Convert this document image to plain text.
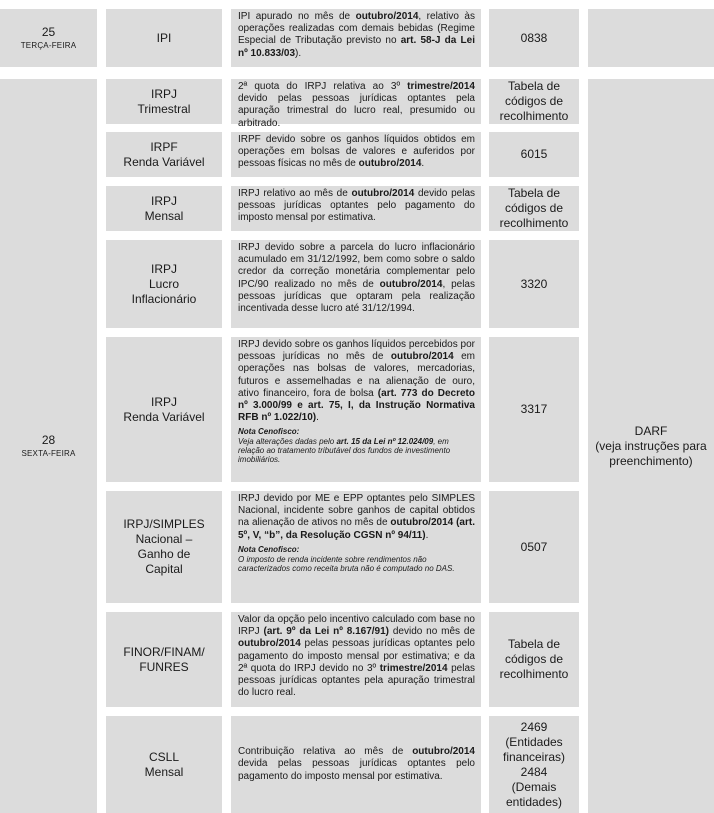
25
TERÇA-FEIRA
28
SEXTA-FEIRA
IPI
IPI apurado no mês de outubro/2014, relativo às operações realizadas com demais bebidas (Regime Especial de Tributação previsto no art. 58-J da Lei nº 10.833/03).
0838
IRPJ
Trimestral
2ª quota do IRPJ relativa ao 3º trimestre/2014 devido pelas pessoas jurídicas optantes pela apuração trimestral do lucro real, presumido ou arbitrado.
Tabela de
códigos de
recolhimento
IRPF
Renda Variável
IRPF devido sobre os ganhos líquidos obtidos em operações em bolsas de valores e auferidos por pessoas físicas no mês de outubro/2014.
6015
IRPJ
Mensal
IRPJ relativo ao mês de outubro/2014 devido pelas pessoas jurídicas optantes pelo pagamento do imposto mensal por estimativa.
Tabela de
códigos de
recolhimento
IRPJ
Lucro
Inflacionário
IRPJ devido sobre a parcela do lucro inflacionário acumulado em 31/12/1992, bem como sobre o saldo credor da correção monetária complementar pelo IPC/90 realizado no mês de outubro/2014, pelas pessoas jurídicas que optaram pela realização incentivada desse lucro até 31/12/1994.
3320
IRPJ
Renda Variável
IRPJ devido sobre os ganhos líquidos percebidos por pessoas jurídicas no mês de outubro/2014 em operações nas bolsas de valores, mercadorias, futuros e assemelhadas e na alienação de ouro, ativo financeiro, fora de bolsa (art. 773 do Decreto nº 3.000/99 e art. 75, I, da Instrução Normativa RFB nº 1.022/10).
Nota Cenofisco:
Veja alterações dadas pelo art. 15 da Lei nº 12.024/09, em relação ao tratamento tributável dos fundos de investimento imobiliários.
3317
IRPJ/SIMPLES
Nacional –
Ganho de
Capital
IRPJ devido por ME e EPP optantes pelo SIMPLES Nacional, incidente sobre ganhos de capital obtidos na alienação de ativos no mês de outubro/2014 (art. 5º, V, “b”, da Resolução CGSN nº 94/11).
Nota Cenofisco:
O imposto de renda incidente sobre rendimentos não caracterizados como receita bruta não é computado no DAS.
0507
FINOR/FINAM/
FUNRES
Valor da opção pelo incentivo calculado com base no IRPJ (art. 9º da Lei nº 8.167/91) devido no mês de outubro/2014 pelas pessoas jurídicas optantes pelo pagamento do imposto mensal por estimativa; e da 2ª quota do IRPJ devido no 3º trimestre/2014 pelas pessoas jurídicas optantes pela apuração trimestral do lucro real.
Tabela de
códigos de
recolhimento
CSLL
Mensal
Contribuição relativa ao mês de outubro/2014 devida pelas pessoas jurídicas optantes pelo pagamento do imposto mensal por estimativa.
2469
(Entidades
financeiras)
2484
(Demais
entidades)
DARF
(veja instruções para
preenchimento)
